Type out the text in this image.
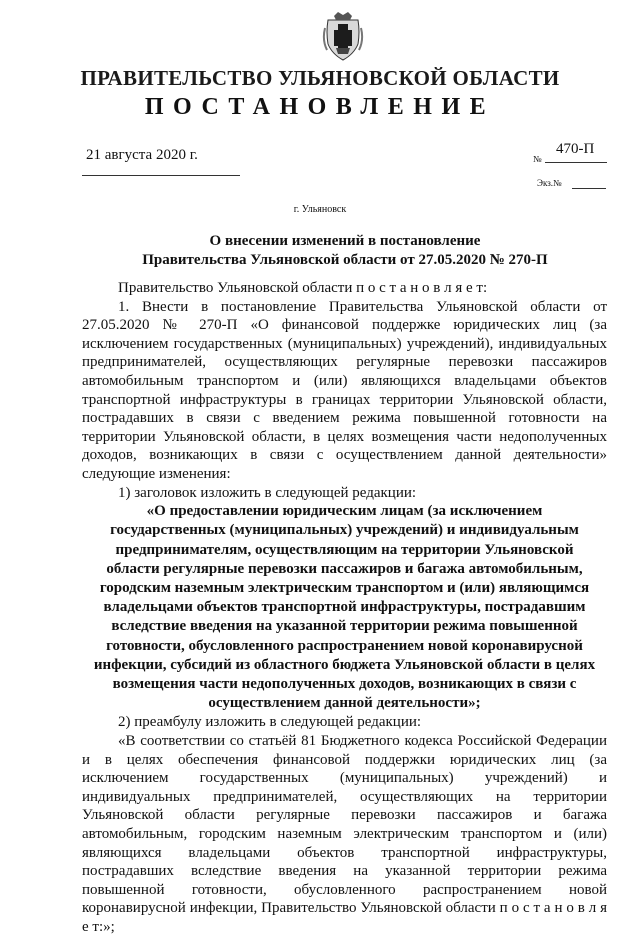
ПРАВИТЕЛЬСТВО УЛЬЯНОВСКОЙ ОБЛАСТИ
ПОСТАНОВЛЕНИЕ
21 августа 2020 г.	№
470-П
Экз.№
г. Ульяновск
О внесении изменений в постановление
Правительства Ульяновской области от 27.05.2020 № 270-П

Правительство Ульяновской области п о с т а н о в л я е т:

1. Внести в постановление Правительства Ульяновской области от 27.05.2020 № 270-П «О финансовой поддержке юридических лиц (за исключением государственных (муниципальных) учреждений), индивидуальных предпринимателей, осуществляющих регулярные перевозки пассажиров автомобильным транспортом и (или) являющихся владельцами объектов транспортной инфраструктуры в границах территории Ульяновской области, пострадавших в связи с введением режима повышенной готовности на территории Ульяновской области, в целях возмещения части недополученных доходов, возникающих в связи с осуществлением данной деятельности» следующие изменения:

1) заголовок изложить в следующей редакции:

«О предоставлении юридическим лицам (за исключением государственных (муниципальных) учреждений) и индивидуальным предпринимателям, осуществляющим на территории Ульяновской области регулярные перевозки пассажиров и багажа автомобильным, городским наземным электрическим транспортом и (или) являющимся владельцами объектов транспортной инфраструктуры, пострадавшим вследствие введения на указанной территории режима повышенной готовности, обусловленного распространением новой коронавирусной инфекции, субсидий из областного бюджета Ульяновской области в целях возмещения части недополученных доходов, возникающих в связи с осуществлением данной деятельности»;

2) преамбулу изложить в следующей редакции:

«В соответствии со статьёй 81 Бюджетного кодекса Российской Федерации и в целях обеспечения финансовой поддержки юридических лиц (за исключением государственных (муниципальных) учреждений) и индивидуальных предпринимателей, осуществляющих на территории Ульяновской области регулярные перевозки пассажиров и багажа автомобильным, городским наземным электрическим транспортом и (или) являющихся владельцами объектов транспортной инфраструктуры, пострадавших вследствие введения на указанной территории режима повышенной готовности, обусловленного распространением новой коронавирусной инфекции, Правительство Ульяновской области п о с т а н о в л я е т:»;
